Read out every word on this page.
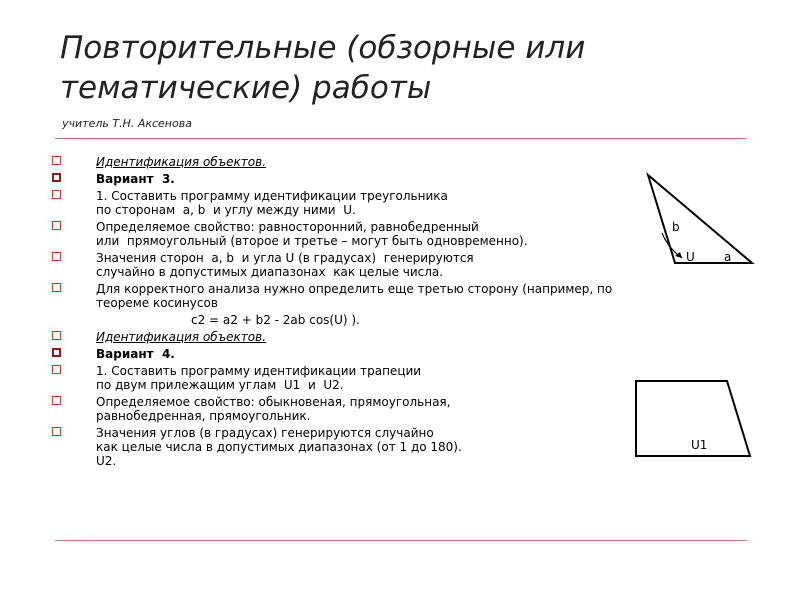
Повторительные (обзорные или
тематические) работы
учитель Т.Н. Аксенова
Идентификация объектов.
Вариант  3.
1. Составить программу идентификации треугольника
по сторонам  a, b  и углу между ними  U.
Определяемое свойство: равносторонний, равнобедренный
или  прямоугольный (второе и третье – могут быть одновременно).
Значения сторон  a, b  и угла U (в градусах)  генерируются
случайно в допустимых диапазонах  как целые числа.
Для корректного анализа нужно определить еще третью сторону (например, по
теореме косинусов
c2 = a2 + b2 - 2ab cos(U) ).
Идентификация объектов.
Вариант  4.
1. Составить программу идентификации трапеции
по двум прилежащим углам  U1  и  U2.
Определяемое свойство: обыкновеная, прямоугольная,
равнобедренная, прямоугольник.
Значения углов (в градусах) генерируются случайно
как целые числа в допустимых диапазонах (от 1 до 180).
U2.
b
U a
U1
